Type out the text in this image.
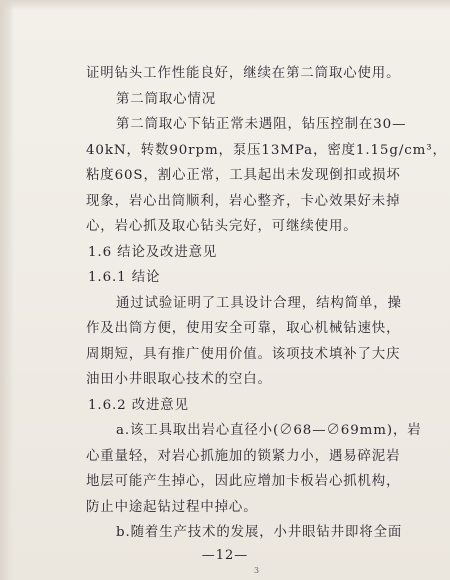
证明钻头工作性能良好，继续在第二筒取心使用。
第二筒取心情况
第二筒取心下钻正常未遇阻，钻压控制在30—
40kN，转数90rpm，泵压13MPa，密度1.15g/cm³，
粘度60S，割心正常，工具起出未发现倒扣或损坏
现象，岩心出筒顺利，岩心整齐，卡心效果好未掉
心，岩心抓及取心钻头完好，可继续使用。
1.6 结论及改进意见
1.6.1 结论
通过试验证明了工具设计合理，结构简单，操
作及出筒方便，使用安全可靠，取心机械钻速快，
周期短，具有推广使用价值。该项技术填补了大庆
油田小井眼取心技术的空白。
1.6.2 改进意见
a.该工具取出岩心直径小(∅68—∅69mm)，岩
心重量轻，对岩心抓施加的锁紧力小，遇易碎泥岩
地层可能产生掉心，因此应增加卡板岩心抓机构，
防止中途起钻过程中掉心。
b.随着生产技术的发展，小井眼钻井即将全面
—12—
3
